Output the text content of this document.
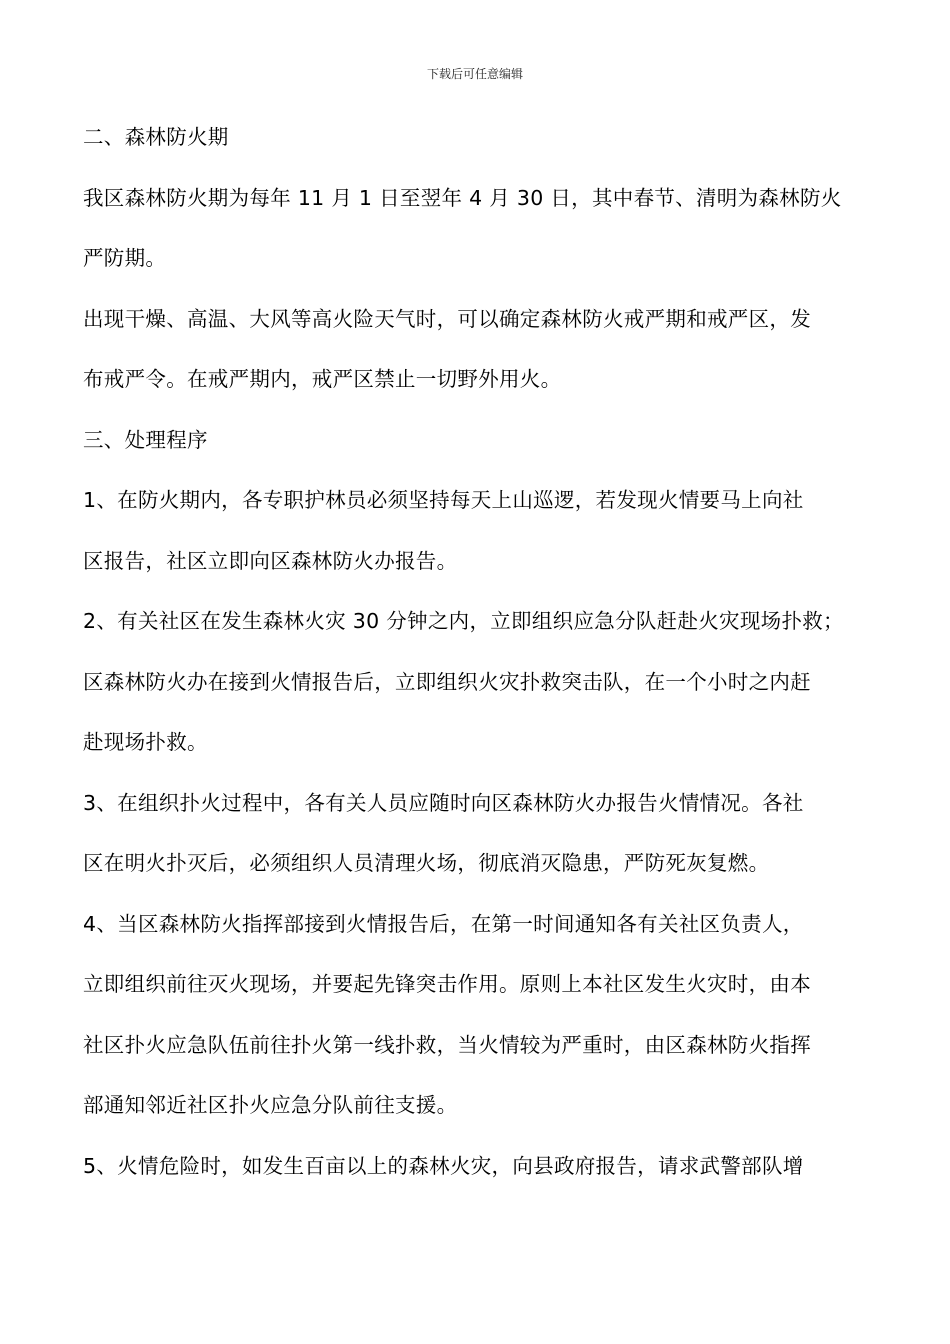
下载后可任意编辑
二、森林防火期
我区森林防火期为每年 11 月 1 日至翌年 4 月 30 日，其中春节、清明为森林防火
严防期。
出现干燥、高温、大风等高火险天气时，可以确定森林防火戒严期和戒严区，发
布戒严令。在戒严期内，戒严区禁止一切野外用火。
三、处理程序
1、在防火期内，各专职护林员必须坚持每天上山巡逻，若发现火情要马上向社
区报告，社区立即向区森林防火办报告。
2、有关社区在发生森林火灾 30 分钟之内，立即组织应急分队赶赴火灾现场扑救；
区森林防火办在接到火情报告后，立即组织火灾扑救突击队，在一个小时之内赶
赴现场扑救。
3、在组织扑火过程中，各有关人员应随时向区森林防火办报告火情情况。各社
区在明火扑灭后，必须组织人员清理火场，彻底消灭隐患，严防死灰复燃。
4、当区森林防火指挥部接到火情报告后，在第一时间通知各有关社区负责人，
立即组织前往灭火现场，并要起先锋突击作用。原则上本社区发生火灾时，由本
社区扑火应急队伍前往扑火第一线扑救，当火情较为严重时，由区森林防火指挥
部通知邻近社区扑火应急分队前往支援。
5、火情危险时，如发生百亩以上的森林火灾，向县政府报告，请求武警部队增
